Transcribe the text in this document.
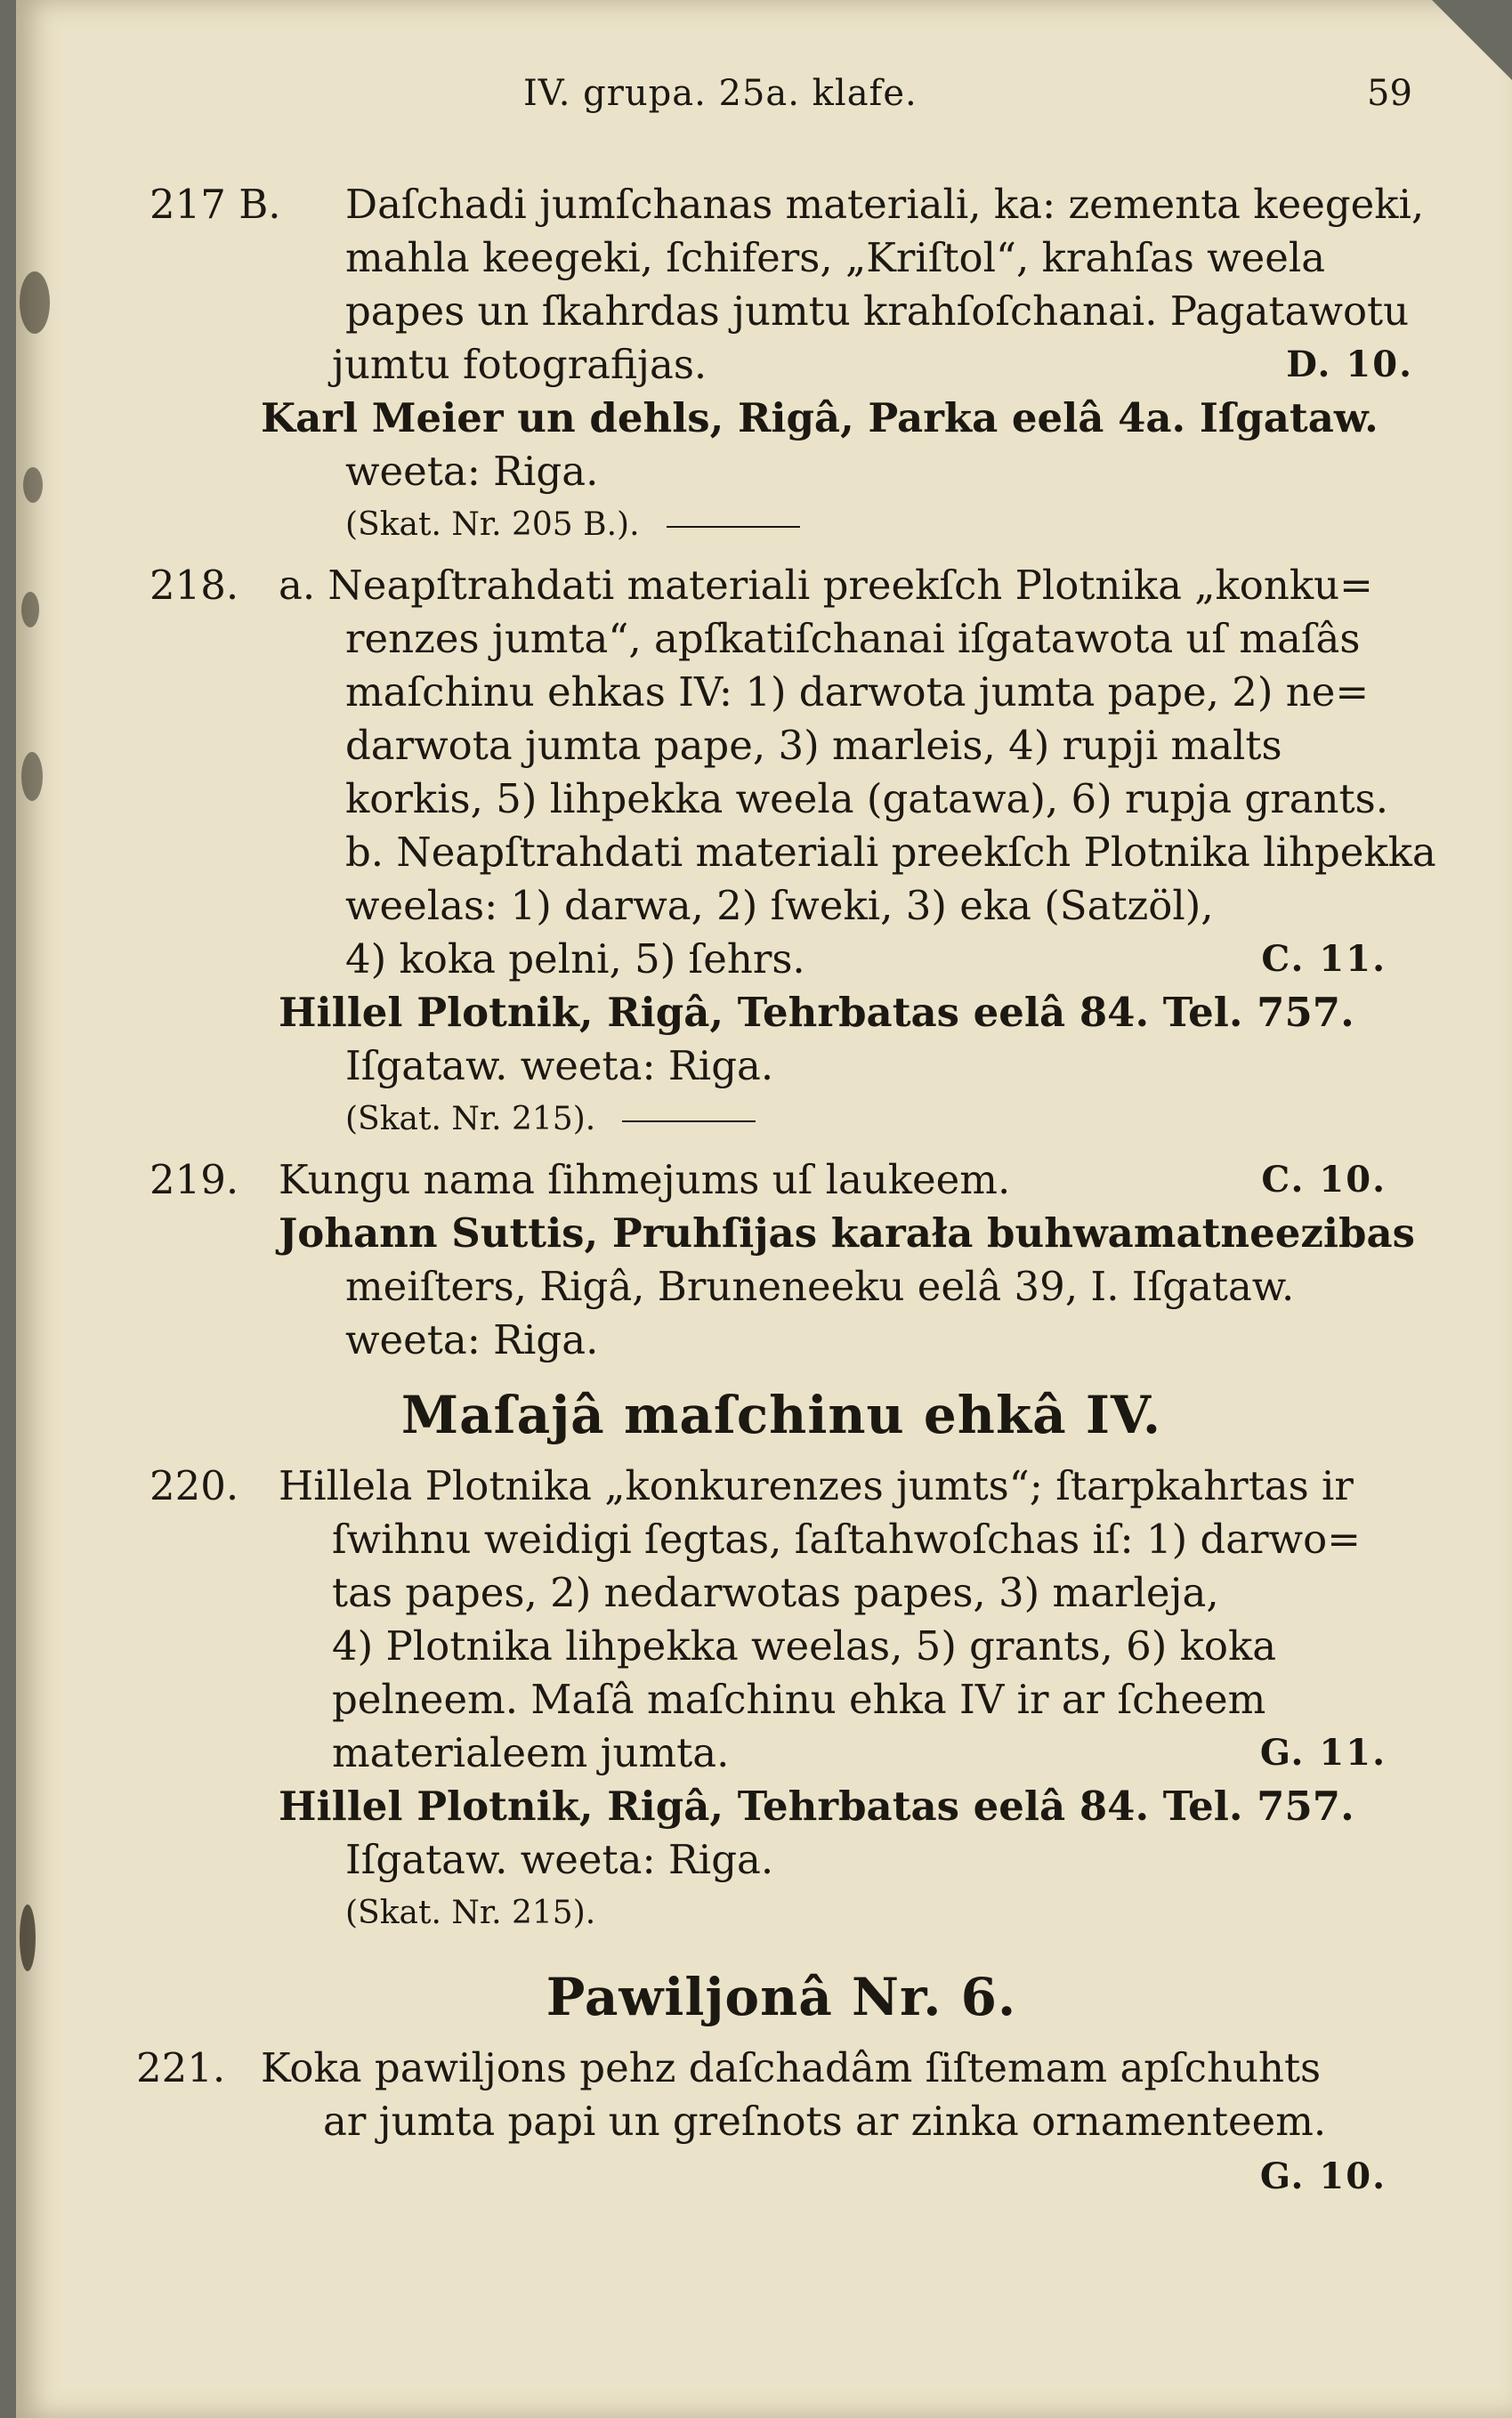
IV. grupa. 25a. klafe.	59
217 B. Daſchadi jumſchanas materiali, ka: zementa keegeki,
mahla keegeki, ſchifers, „Kriſtol“, krahſas weela
papes un ſkahrdas jumtu krahſoſchanai. Pagatawotu
jumtu fotografijas.	D. 10.
Karl Meier un dehls, Rigâ, Parka eelâ 4a. Iſgataw.
weeta: Riga.
(Skat. Nr. 205 B.).
218. a. Neapſtrahdati materiali preekſch Plotnika „konku=
renzes jumta“, apſkatiſchanai iſgatawota uſ maſâs
maſchinu ehkas IV: 1) darwota jumta pape, 2) ne=
darwota jumta pape, 3) marleis, 4) rupji malts
korkis, 5) lihpekka weela (gatawa), 6) rupja grants.
b. Neapſtrahdati materiali preekſch Plotnika lihpekka
weelas: 1) darwa, 2) ſweki, 3) eka (Satzöl),
4) koka pelni, 5) ſehrs.	C. 11.
Hillel Plotnik, Rigâ, Tehrbatas eelâ 84. Tel. 757.
Iſgataw. weeta: Riga.
(Skat. Nr. 215).
219. Kungu nama ſihmejums uſ laukeem.	C. 10.
Johann Suttis, Pruhſijas karała buhwamatneezibas
meiſters, Rigâ, Bruneneeku eelâ 39, I. Iſgataw.
weeta: Riga.
Maſajâ maſchinu ehkâ IV.
220. Hillela Plotnika „konkurenzes jumts“; ſtarpkahrtas ir
ſwihnu weidigi ſegtas, ſaſtahwoſchas iſ: 1) darwo=
tas papes, 2) nedarwotas papes, 3) marleja,
4) Plotnika lihpekka weelas, 5) grants, 6) koka
pelneem. Maſâ maſchinu ehka IV ir ar ſcheem
materialeem jumta.	G. 11.
Hillel Plotnik, Rigâ, Tehrbatas eelâ 84. Tel. 757.
Iſgataw. weeta: Riga.
(Skat. Nr. 215).
Pawiljonâ Nr. 6.
221. Koka pawiljons pehz daſchadâm ſiſtemam apſchuhts
ar jumta papi un greſnots ar zinka ornamenteem.
G. 10.
